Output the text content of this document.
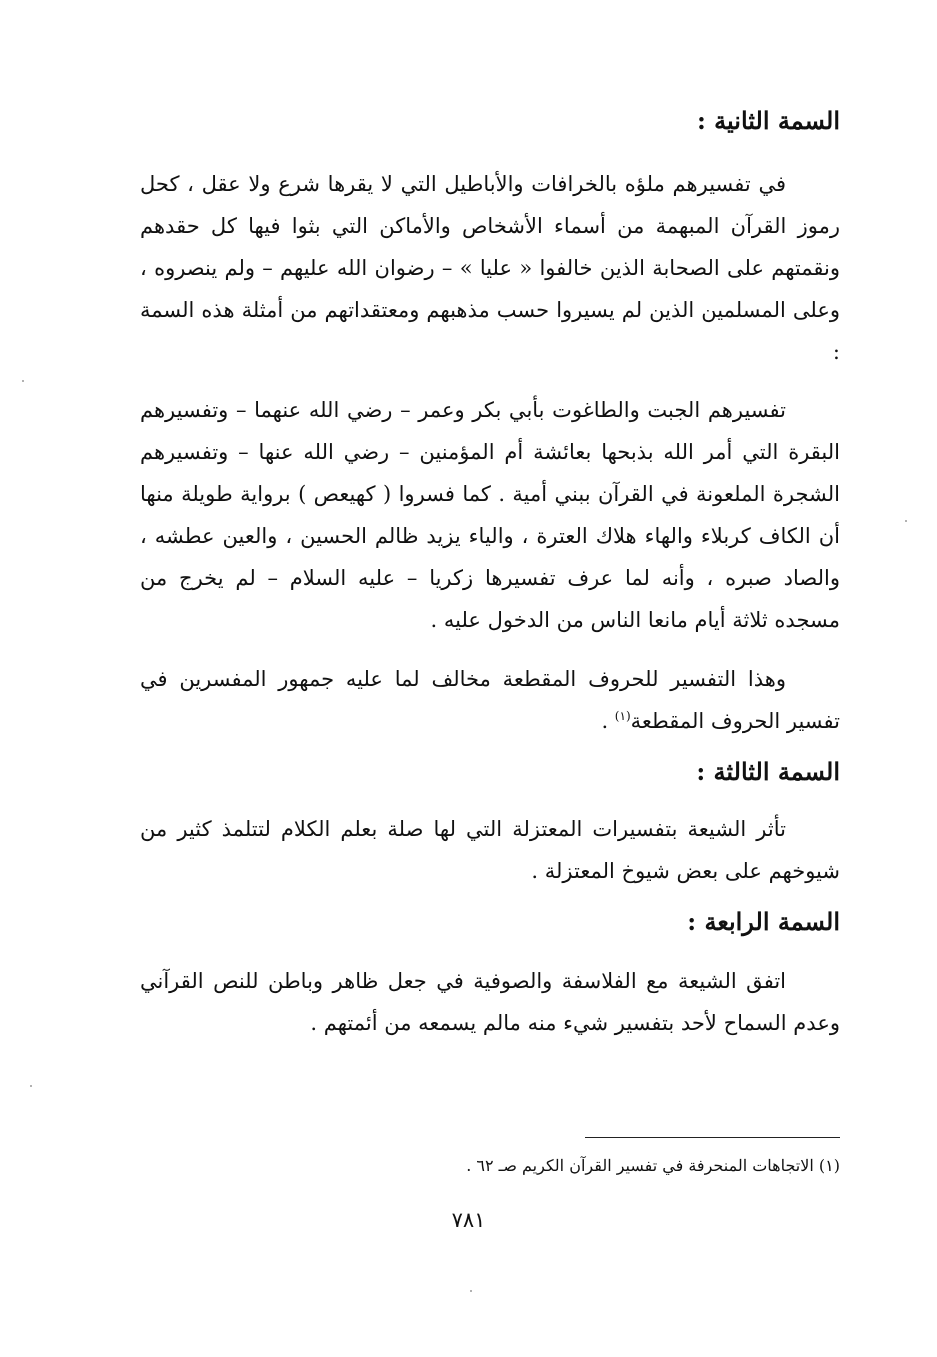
السمة الثانية :

في تفسيرهم ملؤه بالخرافات والأباطيل التي لا يقرها شرع ولا عقل ، كحل رموز القرآن المبهمة من أسماء الأشخاص والأماكن التي بثوا فيها كل حقدهم ونقمتهم على الصحابة الذين خالفوا « عليا » – رضوان الله عليهم – ولم ينصروه ، وعلى المسلمين الذين لم يسيروا حسب مذهبهم ومعتقداتهم من أمثلة هذه السمة :

تفسيرهم الجبت والطاغوت بأبي بكر وعمر – رضي الله عنهما – وتفسيرهم البقرة التي أمر الله بذبحها بعائشة أم المؤمنين – رضي الله عنها – وتفسيرهم الشجرة الملعونة في القرآن ببني أمية . كما فسروا ( كهيعص ) برواية طويلة منها أن الكاف كربلاء والهاء هلاك العترة ، والياء يزيد ظالم الحسين ، والعين عطشه ، والصاد صبره ، وأنه لما عرف تفسيرها زكريا – عليه السلام – لم يخرج من مسجده ثلاثة أيام مانعا الناس من الدخول عليه .

وهذا التفسير للحروف المقطعة مخالف لما عليه جمهور المفسرين في تفسير الحروف المقطعة$^{(١)}$ .

السمة الثالثة :

تأثر الشيعة بتفسيرات المعتزلة التي لها صلة بعلم الكلام لتتلمذ كثير من شيوخهم على بعض شيوخ المعتزلة .

السمة الرابعة :

اتفق الشيعة مع الفلاسفة والصوفية في جعل ظاهر وباطن للنص القرآني وعدم السماح لأحد بتفسير شيء منه مالم يسمعه من أئمتهم .

(١) الاتجاهات المنحرفة في تفسير القرآن الكريم صـ ٦٢ .
٧٨١
